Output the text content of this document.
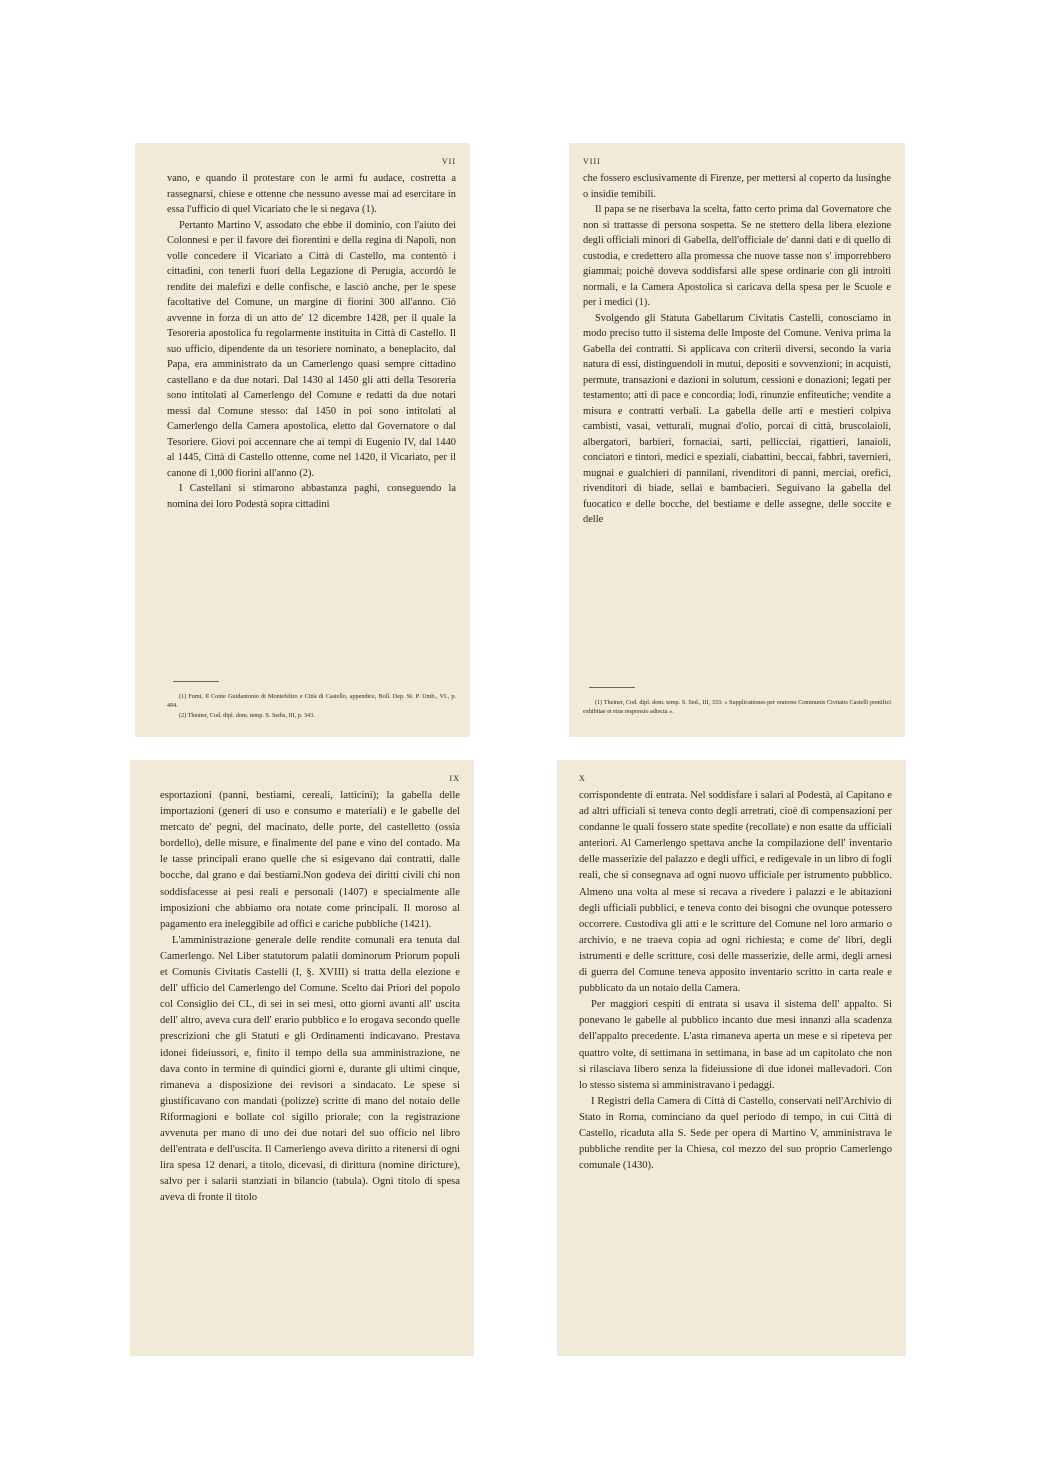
VII

vano, e quando il protestare con le armi fu audace, costretta a rassegnarsi, chiese e ottenne che nessuno avesse mai ad esercitare in essa l'ufficio di quel Vicariato che le si negava (1).

Pertanto Martino V, assodato che ebbe il dominio, con l'aiuto dei Colonnesi e per il favore dei fiorentini e della regina di Napoli, non volle concedere il Vicariato a Città di Castello, ma contentò i cittadini, con tenerli fuori della Legazione di Perugia, accordò le rendite dei malefizi e delle confische, e lasciò anche, per le spese facoltative del Comune, un margine di fiorini 300 all'anno. Ciò avvenne in forza di un atto de' 12 dicembre 1428, per il quale la Tesoreria apostolica fu regolarmente instituita in Città di Castello. Il suo ufficio, dipendente da un tesoriere nominato, a beneplacito, dal Papa, era amministrato da un Camerlengo quasi sempre cittadino castellano e da due notari. Dal 1430 al 1450 gli atti della Tesoreria sono intitolati al Camerlengo del Comune e redatti da due notari messi dal Comune stesso: dal 1450 in poi sono intitolati al Camerlengo della Camera apostolica, eletto dal Governatore o dal Tesoriere. Giovi poi accennare che ai tempi di Eugenio IV, dal 1440 al 1445, Città di Castello ottenne, come nel 1420, il Vicariato, per il canone di 1,000 fiorini all'anno (2).

I Castellani si stimarono abbastanza paghi, conseguendo la nomina dei loro Podestà sopra cittadini

(1) Fumi, Il Conte Guidantonio di Montefeltro e Città di Castello, appendice, Boll. Dep. St. P. Umb., VI., p. 494.

(2) Theiner, Cod. dipl. dom. temp. S. Sedis, III, p. 343.

VIII

che fossero esclusivamente di Firenze, per mettersi al coperto da lusinghe o insidie temibili.

Il papa se ne riserbava la scelta, fatto certo prima dal Governatore che non si trattasse di persona sospetta. Se ne stettero della libera elezione degli officiali minori di Gabella, dell'officiale de' danni dati e di quello di custodia, e credettero alla promessa che nuove tasse non s' imporrebbero giammai; poichè doveva soddisfarsi alle spese ordinarie con gli introiti normali, e la Camera Apostolica si caricava della spesa per le Scuole e per i medici (1).

Svolgendo gli Statuta Gabellarum Civitatis Castelli, conosciamo in modo preciso tutto il sistema delle Imposte del Comune. Veniva prima la Gabella dei contratti. Si applicava con criterii diversi, secondo la varia natura di essi, distinguendoli in mutui, depositi e sovvenzioni; in acquisti, permute, transazioni e dazioni in solutum, cessioni e donazioni; legati per testamento; atti di pace e concordia; lodi, rinunzie enfiteutiche; vendite a misura e contratti verbali. La gabella delle arti e mestieri colpiva cambisti, vasai, vetturali, mugnai d'olio, porcai di città, bruscolaioli, albergatori, barbieri, fornaciai, sarti, pellicciai, rigattieri, lanaioli, conciatori e tintori, medici e speziali, ciabattini, beccai, fabbri, tavernieri, mugnai e gualchieri di pannilani, rivenditori di panni, merciai, orefici, rivenditori di biade, sellai e bambacieri. Seguivano la gabella del fuocatico e delle bocche, del bestiame e delle assegne, delle soccite e delle

(1) Theiner, Cod. dipl. dom. temp. S. Sed., III, 333: « Supplicationes per oratores Communis Civitatis Castelli pontifici exhibitae et eius responsio adiecta ».

IX

esportazioni (panni, bestiami, cereali, latticini); la gabella delle importazioni (generi di uso e consumo e materiali) e le gabelle del mercato de' pegni, del macinato, delle porte, del castelletto (ossia bordello), delle misure, e finalmente del pane e vino del contado. Ma le tasse principali erano quelle che si esigevano dai contratti, dalle bocche, dal grano e dai bestiami.Non godeva dei diritti civili chi non soddisfacesse ai pesi reali e personali (1407) e specialmente alle imposizioni che abbiamo ora notate come principali. Il moroso al pagamento era ineleggibile ad offici e cariche pubbliche (1421).

L'amministrazione generale delle rendite comunali era tenuta dal Camerlengo. Nel Liber statutorum palatii dominorum Priorum populi et Comunis Civitatis Castelli (I, §. XVIII) si tratta della elezione e dell' ufficio del Camerlengo del Comune. Scelto dai Priori del popolo col Consiglio dei CL, di sei in sei mesi, otto giorni avanti all' uscita dell' altro, aveva cura dell' erario pubblico e lo erogava secondo quelle prescrizioni che gli Statuti e gli Ordinamenti indicavano. Prestava idonei fideiussori, e, finito il tempo della sua amministrazione, ne dava conto in termine di quindici giorni e, durante gli ultimi cinque, rimaneva a disposizione dei revisori a sindacato. Le spese si giustificavano con mandati (polizze) scritte di mano del notaio delle Riformagioni e bollate col sigillo priorale; con la registrazione avvenuta per mano di uno dei due notari del suo officio nel libro dell'entrata e dell'uscita. Il Camerlengo aveva diritto a ritenersi di ogni lira spesa 12 denari, a titolo, dicevasi, di dirittura (nomine diricture), salvo per i salarii stanziati in bilancio (tabula). Ogni titolo di spesa aveva di fronte il titolo

X

corrispondente di entrata. Nel soddisfare i salari al Podestà, al Capitano e ad altri ufficiali si teneva conto degli arretrati, cioè di compensazioni per condanne le quali fossero state spedite (recollate) e non esatte da ufficiali anteriori. Al Camerlengo spettava anche la compilazione dell' inventario delle masserizie del palazzo e degli uffici, e redigevale in un libro di fogli reali, che si consegnava ad ogni nuovo ufficiale per istrumento pubblico. Almeno una volta al mese si recava a rivedere i palazzi e le abitazioni degli ufficiali pubblici, e teneva conto dei bisogni che ovunque potessero occorrere. Custodiva gli atti e le scritture del Comune nel loro armario o archivio, e ne traeva copia ad ogni richiesta; e come de' libri, degli istrumenti e delle scritture, così delle masserizie, delle armi, degli arnesi di guerra del Comune teneva apposito inventario scritto in carta reale e pubblicato da un notaio della Camera.

Per maggiori cespiti di entrata si usava il sistema dell' appalto. Si ponevano le gabelle al pubblico incanto due mesi innanzi alla scadenza dell'appalto precedente. L'asta rimaneva aperta un mese e si ripeteva per quattro volte, di settimana in settimana, in base ad un capitolato che non si rilasciava libero senza la fideiussione di due idonei mallevadori. Con lo stesso sistema si amministravano i pedaggi.

I Registri della Camera di Città di Castello, conservati nell'Archivio di Stato in Roma, cominciano da quel periodo di tempo, in cui Città di Castello, ricaduta alla S. Sede per opera di Martino V, amministrava le pubbliche rendite per la Chiesa, col mezzo del suo proprio Camerlengo comunale (1430).
